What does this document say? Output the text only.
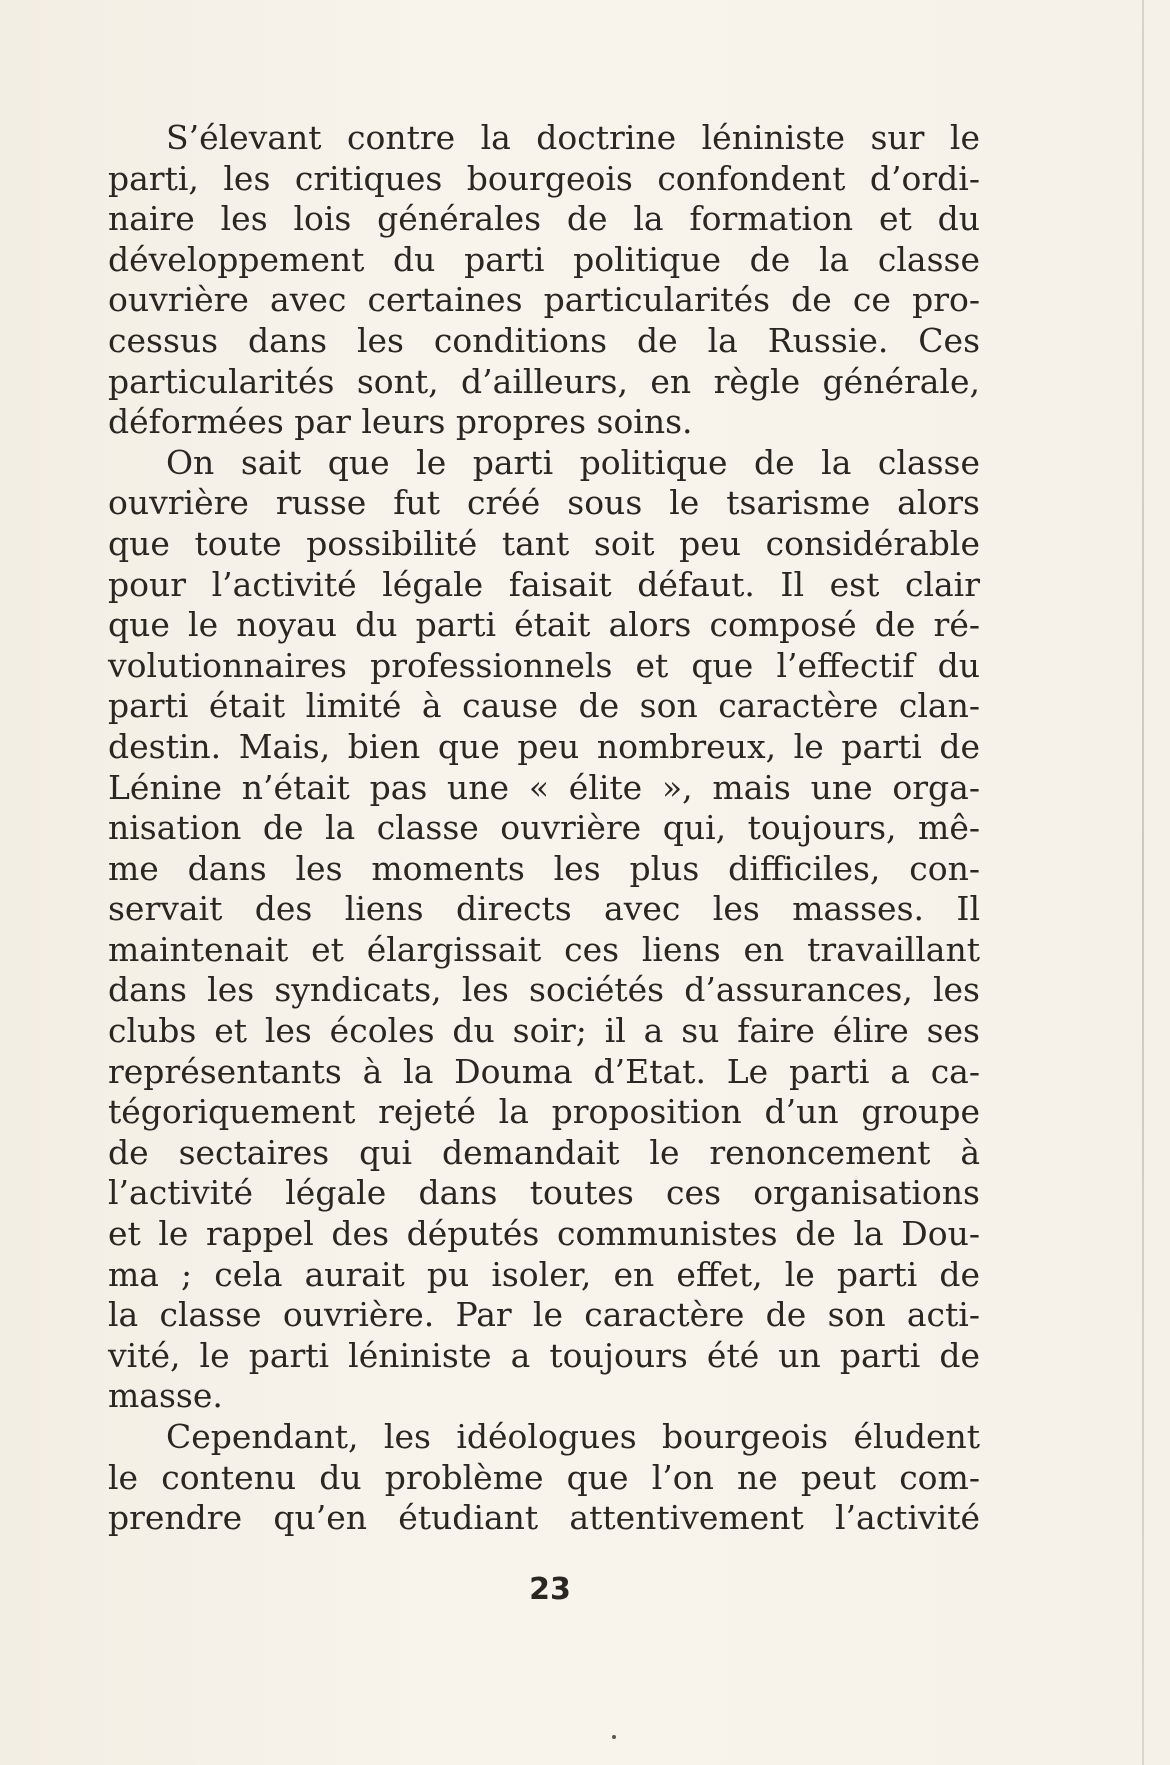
S’élevant contre la doctrine léniniste sur le
parti, les critiques bourgeois confondent d’ordi-
naire les lois générales de la formation et du
développement du parti politique de la classe
ouvrière avec certaines particularités de ce pro-
cessus dans les conditions de la Russie. Ces
particularités sont, d’ailleurs, en règle générale,
déformées par leurs propres soins.
On sait que le parti politique de la classe
ouvrière russe fut créé sous le tsarisme alors
que toute possibilité tant soit peu considérable
pour l’activité légale faisait défaut. Il est clair
que le noyau du parti était alors composé de ré-
volutionnaires professionnels et que l’effectif du
parti était limité à cause de son caractère clan-
destin. Mais, bien que peu nombreux, le parti de
Lénine n’était pas une « élite », mais une orga-
nisation de la classe ouvrière qui, toujours, mê-
me dans les moments les plus difficiles, con-
servait des liens directs avec les masses. Il
maintenait et élargissait ces liens en travaillant
dans les syndicats, les sociétés d’assurances, les
clubs et les écoles du soir; il a su faire élire ses
représentants à la Douma d’Etat. Le parti a ca-
tégoriquement rejeté la proposition d’un groupe
de sectaires qui demandait le renoncement à
l’activité légale dans toutes ces organisations
et le rappel des députés communistes de la Dou-
ma ; cela aurait pu isoler, en effet, le parti de
la classe ouvrière. Par le caractère de son acti-
vité, le parti léniniste a toujours été un parti de
masse.
Cependant, les idéologues bourgeois éludent
le contenu du problème que l’on ne peut com-
prendre qu’en étudiant attentivement l’activité
23
